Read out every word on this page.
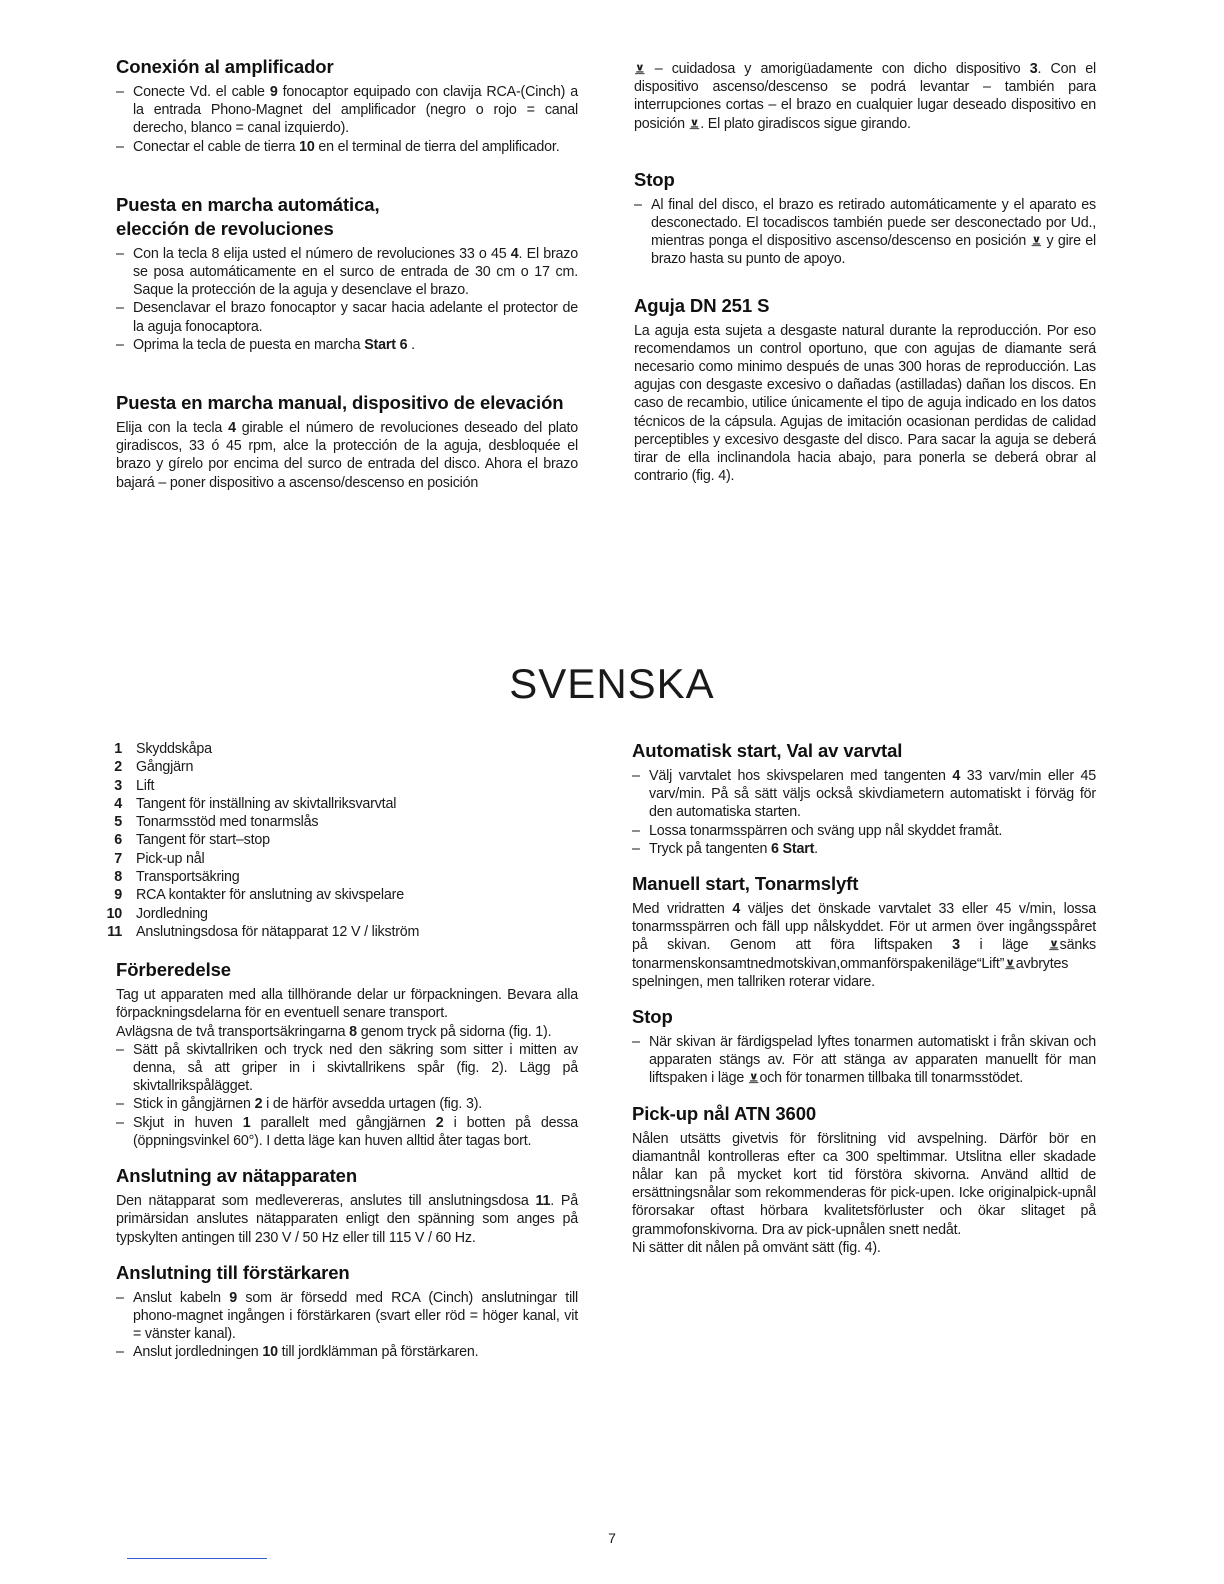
Conexión al amplificador
– Conecte Vd. el cable 9 fonocaptor equipado con clavija RCA-(Cinch) a la entrada Phono-Magnet del amplificador (negro o rojo = canal derecho, blanco = canal izquierdo).
– Conectar el cable de tierra 10 en el terminal de tierra del amplificador.
Puesta en marcha automática,
elección de revoluciones
– Con la tecla 8 elija usted el número de revoluciones 33 o 45 4. El brazo se posa automáticamente en el surco de entrada de 30 cm o 17 cm. Saque la protección de la aguja y desenclave el brazo.
– Desenclavar el brazo fonocaptor y sacar hacia adelante el protector de la aguja fonocaptora.
– Oprima la tecla de puesta en marcha Start 6 .
Puesta en marcha manual, dispositivo de elevación

Elija con la tecla 4 girable el número de revoluciones deseado del plato giradiscos, 33 ó 45 rpm, alce la protección de la aguja, desbloquée el brazo y gírelo por encima del surco de entrada del disco. Ahora el brazo bajará – poner dispositivo a ascenso/descenso en posición

⊻ – cuidadosa y amorigüadamente con dicho dispositivo 3. Con el dispositivo ascenso/descenso se podrá levantar – también para interrupciones cortas – el brazo en cualquier lugar deseado dispositivo en posición ⊻. El plato giradiscos sigue girando.

Stop
– Al final del disco, el brazo es retirado automáticamente y el aparato es desconectado. El tocadiscos también puede ser desconectado por Ud., mientras ponga el dispositivo ascenso/descenso en posición ⊻ y gire el brazo hasta su punto de apoyo.
Aguja DN 251 S

La aguja esta sujeta a desgaste natural durante la reproducción. Por eso recomendamos un control oportuno, que con agujas de diamante será necesario como minimo después de unas 300 horas de reproducción. Las agujas con desgaste excesivo o dañadas (astilladas) dañan los discos. En caso de recambio, utilice únicamente el tipo de aguja indicado en los datos técnicos de la cápsula. Agujas de imitación ocasionan perdidas de calidad perceptibles y excesivo desgaste del disco. Para sacar la aguja se deberá tirar de ella inclinandola hacia abajo, para ponerla se deberá obrar al contrario (fig. 4).

SVENSKA
1 Skyddskåpa
2 Gångjärn
3 Lift
4 Tangent för inställning av skivtallriksvarvtal
5 Tonarmsstöd med tonarmslås
6 Tangent för start–stop
7 Pick-up nål
8 Transportsäkring
9 RCA kontakter för anslutning av skivspelare
10 Jordledning
11 Anslutningsdosa för nätapparat 12 V / likström
Förberedelse

Tag ut apparaten med alla tillhörande delar ur förpackningen. Bevara alla förpackningsdelarna för en eventuell senare transport.

Avlägsna de två transportsäkringarna 8 genom tryck på sidorna (fig. 1).

– Sätt på skivtallriken och tryck ned den säkring som sitter i mitten av denna, så att griper in i skivtallrikens spår (fig. 2). Lägg på skivtallrikspålägget.
– Stick in gångjärnen 2 i de härför avsedda urtagen (fig. 3).
– Skjut in huven 1 parallelt med gångjärnen 2 i botten på dessa (öppningsvinkel 60°). I detta läge kan huven alltid åter tagas bort.
Anslutning av nätapparaten

Den nätapparat som medlevereras, anslutes till anslutningsdosa 11. På primärsidan anslutes nätapparaten enligt den spänning som anges på typskylten antingen till 230 V / 50 Hz eller till 115 V / 60 Hz.

Anslutning till förstärkaren
– Anslut kabeln 9 som är försedd med RCA (Cinch) anslutningar till phono-magnet ingången i förstärkaren (svart eller röd = höger kanal, vit = vänster kanal).
– Anslut jordledningen 10 till jordklämman på förstärkaren.
Automatisk start, Val av varvtal
– Välj varvtalet hos skivspelaren med tangenten 4 33 varv/min eller 45 varv/min. På så sätt väljs också skivdiametern automatiskt i förväg för den automatiska starten.
– Lossa tonarmsspärren och sväng upp nål skyddet framåt.
– Tryck på tangenten 6 Start.
Manuell start, Tonarmslyft

Med vridratten 4 väljes det önskade varvtalet 33 eller 45 v/min, lossa tonarmsspärren och fäll upp nålskyddet. För ut armen över ingångsspåret på skivan. Genom att föra liftspaken 3 i läge ⊻sänks tonarmenskonsamtnedmotskivan,ommanförspakeniläge“Lift”⊻avbrytes spelningen, men tallriken roterar vidare.

Stop
– När skivan är färdigspelad lyftes tonarmen automatiskt i från skivan och apparaten stängs av. För att stänga av apparaten manuellt för man liftspaken i läge ⊻och för tonarmen tillbaka till tonarmsstödet.
Pick-up nål ATN 3600

Nålen utsätts givetvis för förslitning vid avspelning. Därför bör en diamantnål kontrolleras efter ca 300 speltimmar. Utslitna eller skadade nålar kan på mycket kort tid förstöra skivorna. Använd alltid de ersättningsnålar som rekommenderas för pick-upen. Icke originalpick-upnål förorsakar oftast hörbara kvalitetsförluster och ökar slitaget på grammofonskivorna. Dra av pick-upnålen snett nedåt.

Ni sätter dit nålen på omvänt sätt (fig. 4).

7
